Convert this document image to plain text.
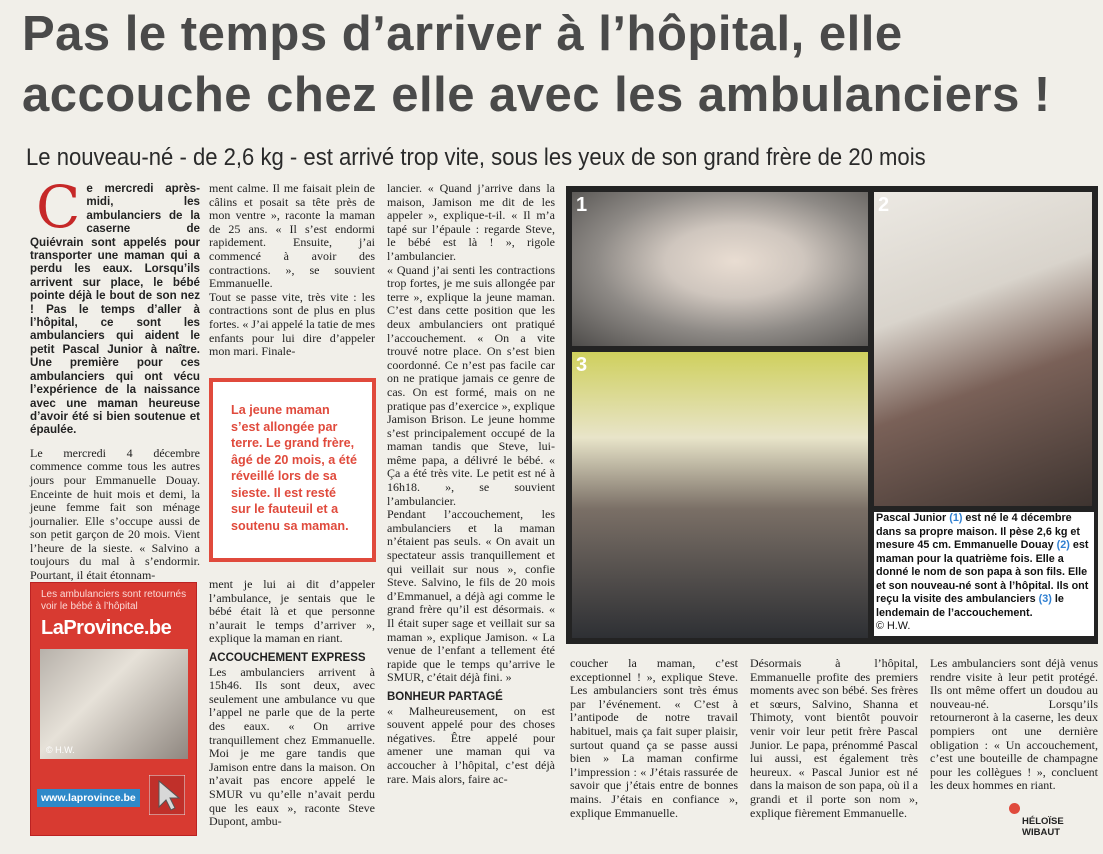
Pas le temps d’arriver à l’hôpital, elle accouche chez elle avec les ambulanciers !
Le nouveau-né - de 2,6 kg - est arrivé trop vite, sous les yeux de son grand frère de 20 mois
C e mercredi après-midi, les ambulanciers de la caserne de Quiévrain sont appelés pour transporter une maman qui a perdu les eaux. Lorsqu’ils arrivent sur place, le bébé pointe déjà le bout de son nez ! Pas le temps d’aller à l’hôpital, ce sont les ambulanciers qui aident le petit Pascal Junior à naître. Une première pour ces ambulanciers qui ont vécu l’expérience de la naissance avec une maman heureuse d’avoir été si bien soutenue et épaulée.

Le mercredi 4 décembre commence comme tous les autres jours pour Emmanuelle Douay. Enceinte de huit mois et demi, la jeune femme fait son ménage journalier. Elle s’occupe aussi de son petit garçon de 20 mois. Vient l’heure de la sieste. « Salvino a toujours du mal à s’endormir. Pourtant, il était étonnam-

ment calme. Il me faisait plein de câlins et posait sa tête près de mon ventre », raconte la maman de 25 ans. « Il s’est endormi rapidement. Ensuite, j’ai commencé à avoir des contractions. », se souvient Emmanuelle.

Tout se passe vite, très vite : les contractions sont de plus en plus fortes. « J’ai appelé la tatie de mes enfants pour lui dire d’appeler mon mari. Finale-

La jeune maman s’est allongée par terre. Le grand frère, âgé de 20 mois, a été réveillé lors de sa sieste. Il est resté sur le fauteuil et a soutenu sa maman.
Les ambulanciers sont retournés voir le bébé à l’hôpital
LaProvince.be
© H.W.
www.laprovince.be

ment je lui ai dit d’appeler l’ambulance, je sentais que le bébé était là et que personne n’aurait le temps d’arriver », explique la maman en riant.

ACCOUCHEMENT EXPRESS

Les ambulanciers arrivent à 15h46. Ils sont deux, avec seulement une ambulance vu que l’appel ne parle que de la perte des eaux. « On arrive tranquillement chez Emmanuelle. Moi je me gare tandis que Jamison entre dans la maison. On n’avait pas encore appelé le SMUR vu qu’elle n’avait perdu que les eaux », raconte Steve Dupont, ambu-

lancier. « Quand j’arrive dans la maison, Jamison me dit de les appeler », explique-t-il. « Il m’a tapé sur l’épaule : regarde Steve, le bébé est là ! », rigole l’ambulancier.

« Quand j’ai senti les contractions trop fortes, je me suis allongée par terre », explique la jeune maman. C’est dans cette position que les deux ambulanciers ont pratiqué l’accouchement. « On a vite trouvé notre place. On s’est bien coordonné. Ce n’est pas facile car on ne pratique jamais ce genre de cas. On est formé, mais on ne pratique pas d’exercice », explique Jamison Brison. Le jeune homme s’est principalement occupé de la maman tandis que Steve, lui-même papa, a délivré le bébé. « Ça a été très vite. Le petit est né à 16h18. », se souvient l’ambulancier.

Pendant l’accouchement, les ambulanciers et la maman n’étaient pas seuls. « On avait un spectateur assis tranquillement et qui veillait sur nous », confie Steve. Salvino, le fils de 20 mois d’Emmanuel, a déjà agi comme le grand frère qu’il est désormais. « Il était super sage et veillait sur sa maman », explique Jamison. « La venue de l’enfant a tellement été rapide que le temps qu’arrive le SMUR, c’était déjà fini. »

BONHEUR PARTAGÉ

« Malheureusement, on est souvent appelé pour des choses négatives. Être appelé pour amener une maman qui va accoucher à l’hôpital, c’est déjà rare. Mais alors, faire ac-

1	2
3
Pascal Junior (1) est né le 4 décembre dans sa propre maison. Il pèse 2,6 kg et mesure 45 cm. Emmanuelle Douay (2) est maman pour la quatrième fois. Elle a donné le nom de son papa à son fils. Elle et son nouveau-né sont à l’hôpital. Ils ont reçu la visite des ambulanciers (3) le lendemain de l’accouchement.
© H.W.

coucher la maman, c’est exceptionnel ! », explique Steve. Les ambulanciers sont très émus par l’événement. « C’est à l’antipode de notre travail habituel, mais ça fait super plaisir, surtout quand ça se passe aussi bien » La maman confirme l’impression : « J’étais rassurée de savoir que j’étais entre de bonnes mains. J’étais en confiance », explique Emmanuelle.

Désormais à l’hôpital, Emmanuelle profite des premiers moments avec son bébé. Ses frères et sœurs, Salvino, Shanna et Thimoty, vont bientôt pouvoir venir voir leur petit frère Pascal Junior. Le papa, prénommé Pascal lui aussi, est également très heureux. « Pascal Junior est né dans la maison de son papa, où il a grandi et il porte son nom », explique fièrement Emmanuelle.

Les ambulanciers sont déjà venus rendre visite à leur petit protégé. Ils ont même offert un doudou au nouveau-né. Lorsqu’ils retourneront à la caserne, les deux pompiers ont une dernière obligation : « Un accouchement, c’est une bouteille de champagne pour les collègues ! », concluent les deux hommes en riant.

HÉLOÏSE WIBAUT
